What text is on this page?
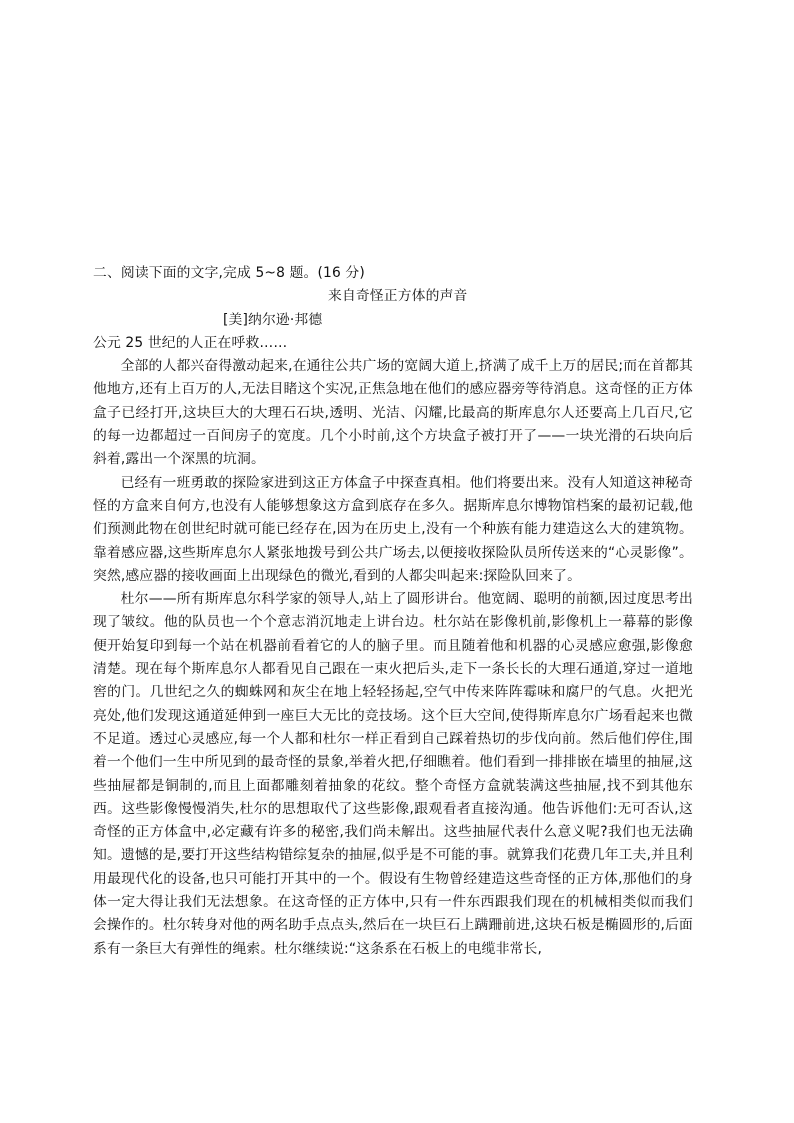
二、阅读下面的文字,完成 5~8 题。(16 分)

来自奇怪正方体的声音

[美]纳尔逊·邦德

公元 25 世纪的人正在呼救……

全部的人都兴奋得激动起来,在通往公共广场的宽阔大道上,挤满了成千上万的居民;而在首都其他地方,还有上百万的人,无法目睹这个实况,正焦急地在他们的感应器旁等待消息。这奇怪的正方体盒子已经打开,这块巨大的大理石石块,透明、光洁、闪耀,比最高的斯库息尔人还要高上几百尺,它的每一边都超过一百间房子的宽度。几个小时前,这个方块盒子被打开了——一块光滑的石块向后斜着,露出一个深黑的坑洞。

已经有一班勇敢的探险家进到这正方体盒子中探查真相。他们将要出来。没有人知道这神秘奇怪的方盒来自何方,也没有人能够想象这方盒到底存在多久。据斯库息尔博物馆档案的最初记载,他们预测此物在创世纪时就可能已经存在,因为在历史上,没有一个种族有能力建造这么大的建筑物。靠着感应器,这些斯库息尔人紧张地拨号到公共广场去,以便接收探险队员所传送来的“心灵影像”。突然,感应器的接收画面上出现绿色的微光,看到的人都尖叫起来:探险队回来了。

杜尔——所有斯库息尔科学家的领导人,站上了圆形讲台。他宽阔、聪明的前额,因过度思考出现了皱纹。他的队员也一个个意志消沉地走上讲台边。杜尔站在影像机前,影像机上一幕幕的影像便开始复印到每一个站在机器前看着它的人的脑子里。而且随着他和机器的心灵感应愈强,影像愈清楚。现在每个斯库息尔人都看见自己跟在一束火把后头,走下一条长长的大理石通道,穿过一道地窖的门。几世纪之久的蜘蛛网和灰尘在地上轻轻扬起,空气中传来阵阵霉味和腐尸的气息。火把光亮处,他们发现这通道延伸到一座巨大无比的竞技场。这个巨大空间,使得斯库息尔广场看起来也微不足道。透过心灵感应,每一个人都和杜尔一样正看到自己踩着热切的步伐向前。然后他们停住,围着一个他们一生中所见到的最奇怪的景象,举着火把,仔细瞧着。他们看到一排排嵌在墙里的抽屉,这些抽屉都是铜制的,而且上面都雕刻着抽象的花纹。整个奇怪方盒就装满这些抽屉,找不到其他东西。这些影像慢慢消失,杜尔的思想取代了这些影像,跟观看者直接沟通。他告诉他们:无可否认,这奇怪的正方体盒中,必定藏有许多的秘密,我们尚未解出。这些抽屉代表什么意义呢?我们也无法确知。遗憾的是,要打开这些结构错综复杂的抽屉,似乎是不可能的事。就算我们花费几年工夫,并且利用最现代化的设备,也只可能打开其中的一个。假设有生物曾经建造这些奇怪的正方体,那他们的身体一定大得让我们无法想象。在这奇怪的正方体中,只有一件东西跟我们现在的机械相类似而我们会操作的。杜尔转身对他的两名助手点点头,然后在一块巨石上蹒跚前进,这块石板是椭圆形的,后面系有一条巨大有弹性的绳索。杜尔继续说:“这条系在石板上的电缆非常长,
